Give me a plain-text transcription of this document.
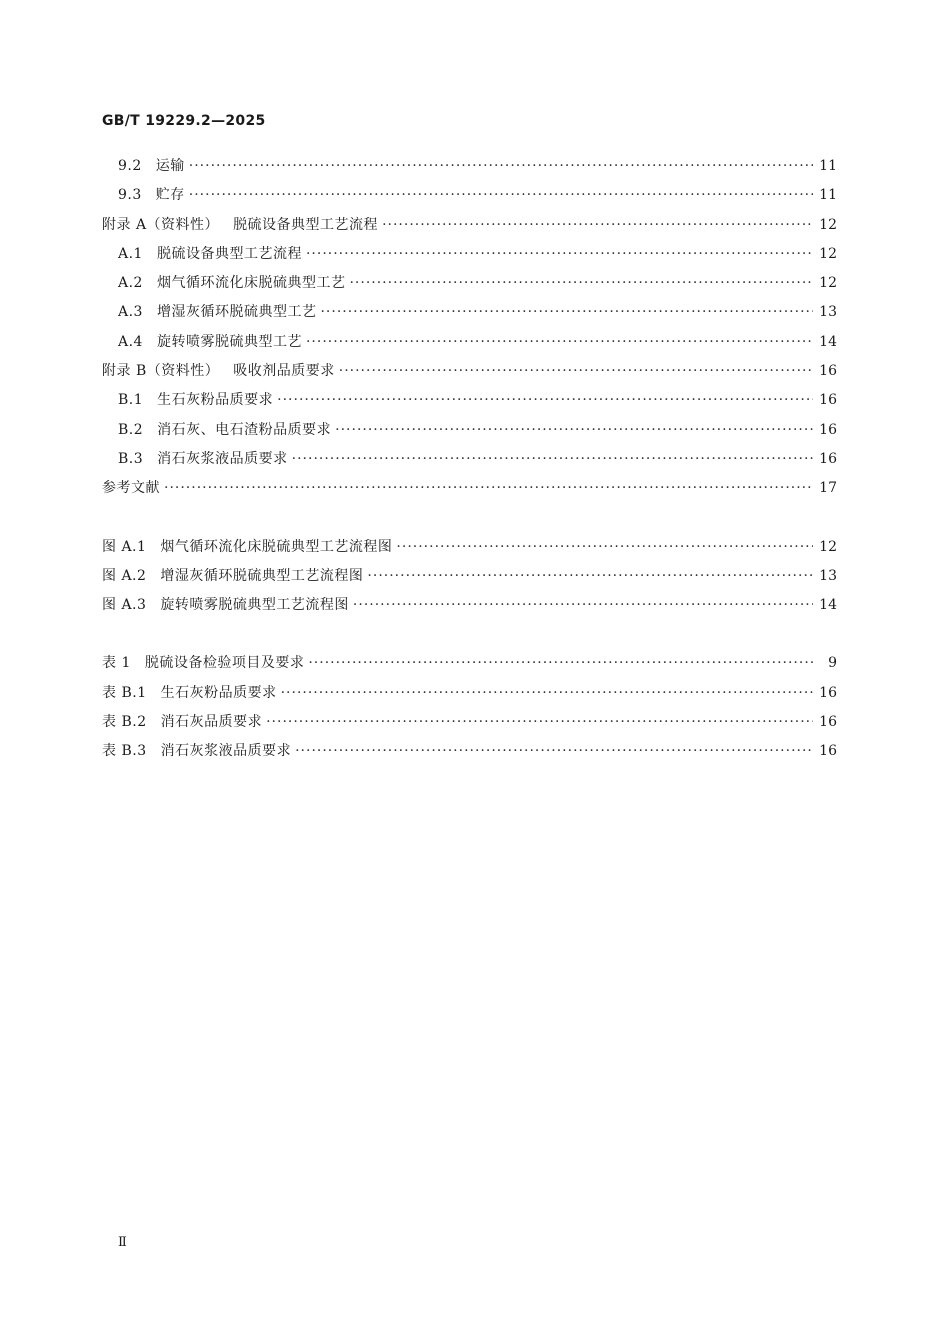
GB/T 19229.2—2025
9.2 运输 ·····	11
9.3 贮存 ·····	11
附录 A（资料性） 脱硫设备典型工艺流程 ·····	12
A.1 脱硫设备典型工艺流程 ·····	12
A.2 烟气循环流化床脱硫典型工艺 ·····	12
A.3 增湿灰循环脱硫典型工艺 ·····	13
A.4 旋转喷雾脱硫典型工艺 ·····	14
附录 B（资料性） 吸收剂品质要求 ·····	16
B.1 生石灰粉品质要求 ·····	16
B.2 消石灰、电石渣粉品质要求 ·····	16
B.3 消石灰浆液品质要求 ·····	16
参考文献 ·····	17
图 A.1 烟气循环流化床脱硫典型工艺流程图 ·····	12
图 A.2 增湿灰循环脱硫典型工艺流程图 ·····	13
图 A.3 旋转喷雾脱硫典型工艺流程图 ·····	14
表 1 脱硫设备检验项目及要求 ·····	9
表 B.1 生石灰粉品质要求 ·····	16
表 B.2 消石灰品质要求 ·····	16
表 B.3 消石灰浆液品质要求 ·····	16
Ⅱ
